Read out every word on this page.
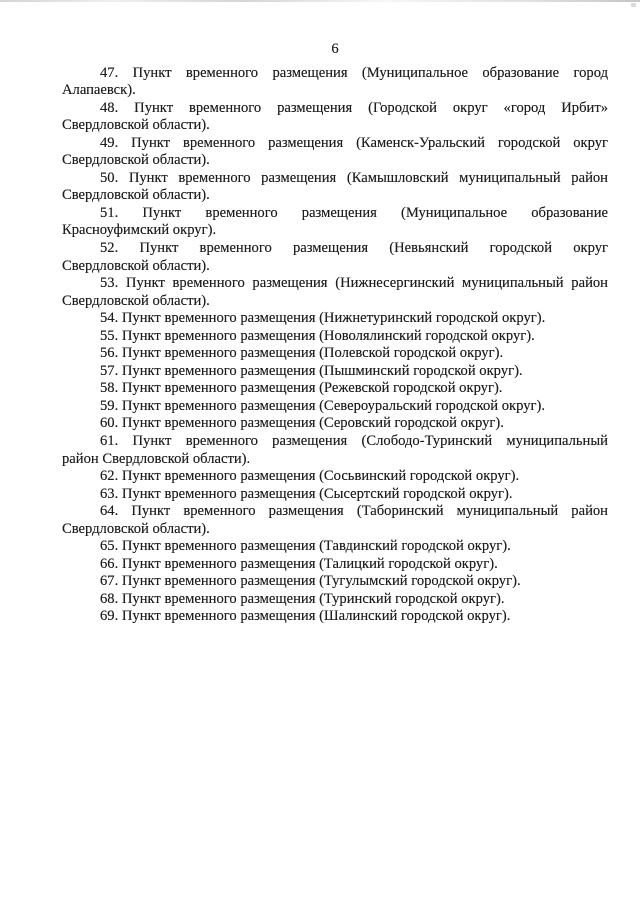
6
47. Пункт временного размещения (Муниципальное образование город
Алапаевск).
48. Пункт временного размещения (Городской округ «город Ирбит»
Свердловской области).
49. Пункт временного размещения (Каменск-Уральский городской округ
Свердловской области).
50. Пункт временного размещения (Камышловский муниципальный район
Свердловской области).
51. Пункт временного размещения (Муниципальное образование
Красноуфимский округ).
52. Пункт временного размещения (Невьянский городской округ
Свердловской области).
53. Пункт временного размещения (Нижнесергинский муниципальный район
Свердловской области).
54. Пункт временного размещения (Нижнетуринский городской округ).
55. Пункт временного размещения (Новолялинский городской округ).
56. Пункт временного размещения (Полевской городской округ).
57. Пункт временного размещения (Пышминский городской округ).
58. Пункт временного размещения (Режевской городской округ).
59. Пункт временного размещения (Североуральский городской округ).
60. Пункт временного размещения (Серовский городской округ).
61. Пункт временного размещения (Слободо-Туринский муниципальный
район Свердловской области).
62. Пункт временного размещения (Сосьвинский городской округ).
63. Пункт временного размещения (Сысертский городской округ).
64. Пункт временного размещения (Таборинский муниципальный район
Свердловской области).
65. Пункт временного размещения (Тавдинский городской округ).
66. Пункт временного размещения (Талицкий городской округ).
67. Пункт временного размещения (Тугулымский городской округ).
68. Пункт временного размещения (Туринский городской округ).
69. Пункт временного размещения (Шалинский городской округ).
